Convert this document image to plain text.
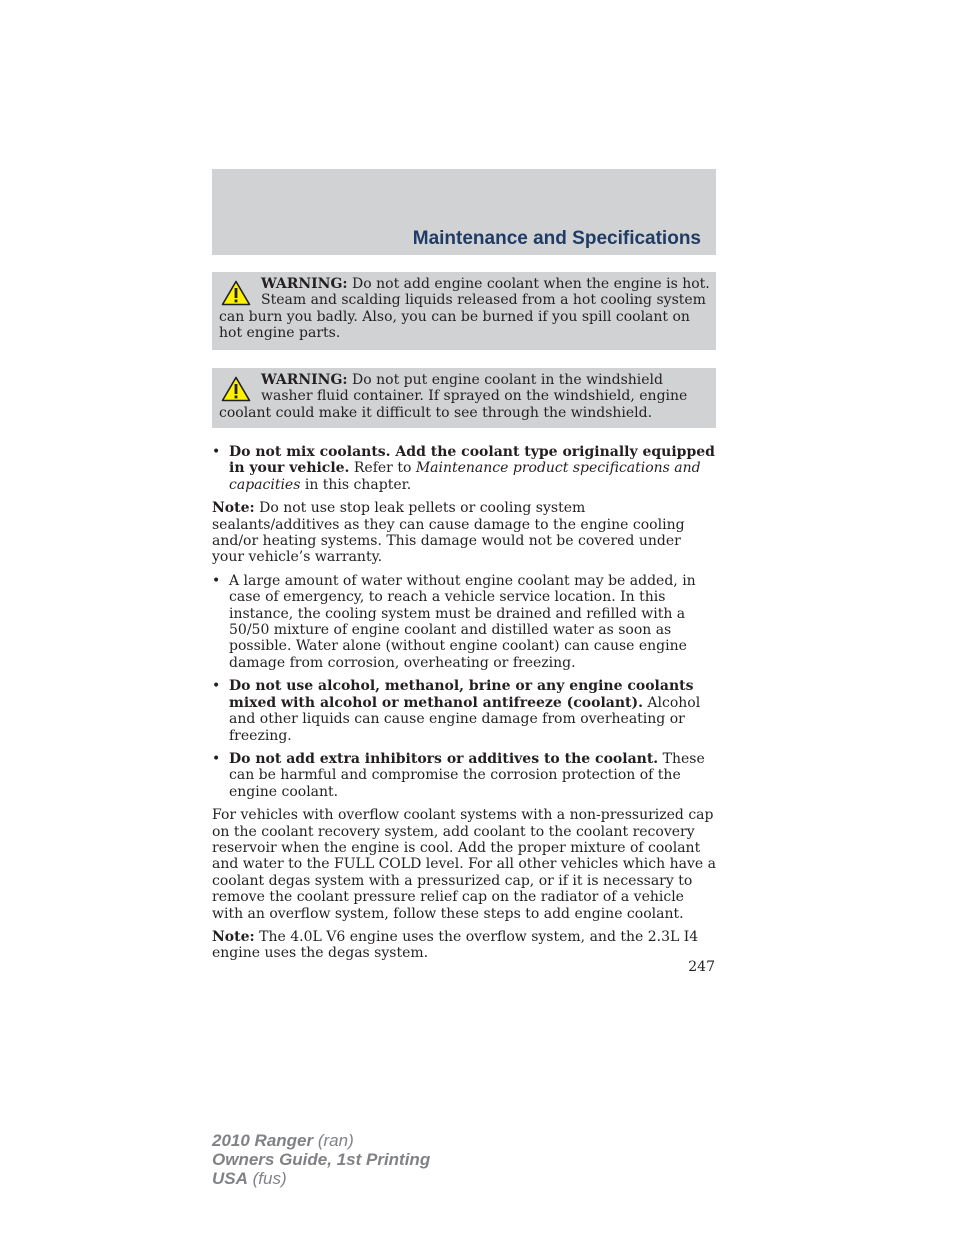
Maintenance and Specifications
WARNING: Do not add engine coolant when the engine is hot. Steam and scalding liquids released from a hot cooling system can burn you badly. Also, you can be burned if you spill coolant on hot engine parts.
WARNING: Do not put engine coolant in the windshield washer fluid container. If sprayed on the windshield, engine coolant could make it difficult to see through the windshield.
• Do not mix coolants. Add the coolant type originally equipped in your vehicle. Refer to Maintenance product specifications and capacities in this chapter.

Note: Do not use stop leak pellets or cooling system sealants/additives as they can cause damage to the engine cooling and/or heating systems. This damage would not be covered under your vehicle’s warranty.

• A large amount of water without engine coolant may be added, in case of emergency, to reach a vehicle service location. In this instance, the cooling system must be drained and refilled with a 50/50 mixture of engine coolant and distilled water as soon as possible. Water alone (without engine coolant) can cause engine damage from corrosion, overheating or freezing.
• Do not use alcohol, methanol, brine or any engine coolants mixed with alcohol or methanol antifreeze (coolant). Alcohol and other liquids can cause engine damage from overheating or freezing.
• Do not add extra inhibitors or additives to the coolant. These can be harmful and compromise the corrosion protection of the engine coolant.

For vehicles with overflow coolant systems with a non-pressurized cap on the coolant recovery system, add coolant to the coolant recovery reservoir when the engine is cool. Add the proper mixture of coolant and water to the FULL COLD level. For all other vehicles which have a coolant degas system with a pressurized cap, or if it is necessary to remove the coolant pressure relief cap on the radiator of a vehicle with an overflow system, follow these steps to add engine coolant.

Note: The 4.0L V6 engine uses the overflow system, and the 2.3L I4 engine uses the degas system.

247
2010 Ranger (ran)
Owners Guide, 1st Printing
USA (fus)
